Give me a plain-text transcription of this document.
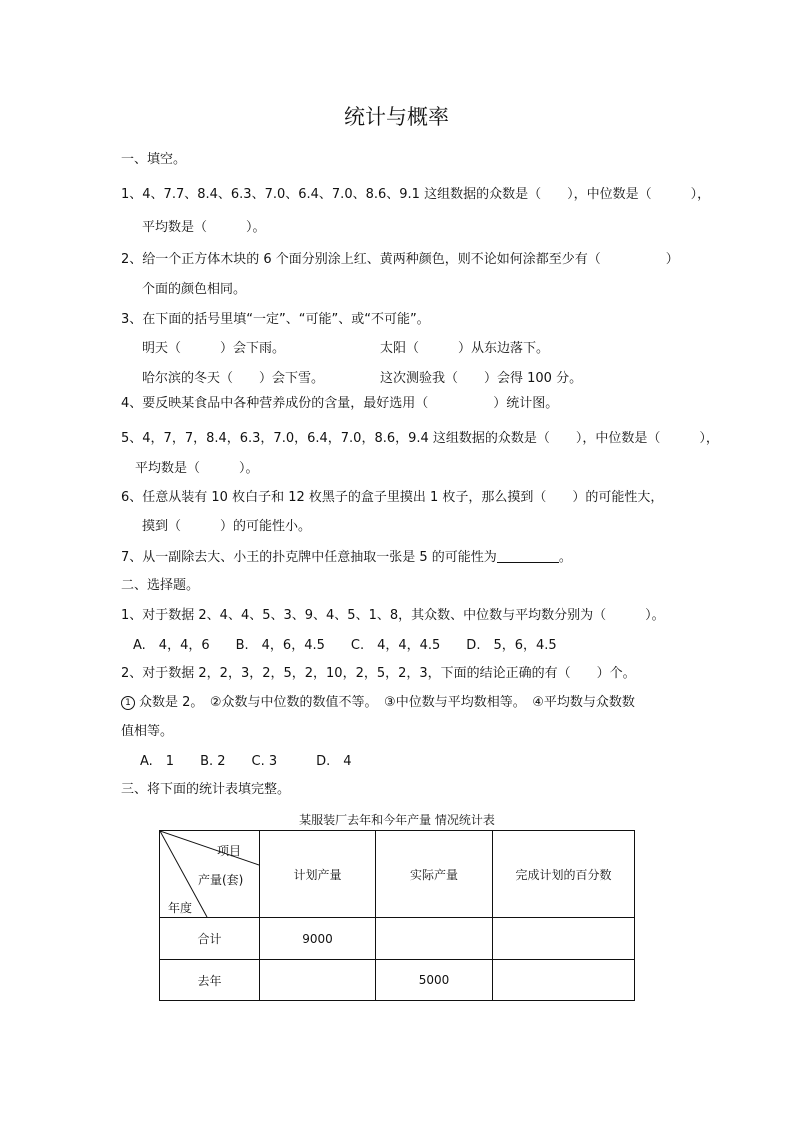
统计与概率
一、填空。
1、4、7.7、8.4、6.3、7.0、6.4、7.0、8.6、9.1 这组数据的众数是（　　），中位数是（　　　），
平均数是（　　　）。
2、给一个正方体木块的 6 个面分别涂上红、黄两种颜色，则不论如何涂都至少有（　　　　　）
个面的颜色相同。
3、在下面的括号里填“一定”、“可能”、或“不可能”。
明天（　　　）会下雨。	太阳（　　　）从东边落下。
哈尔滨的冬天（　　）会下雪。	这次测验我（　　）会得 100 分。
4、要反映某食品中各种营养成份的含量，最好选用（　　　　　）统计图。
5、4，7，7，8.4，6.3，7.0，6.4，7.0，8.6，9.4 这组数据的众数是（　　），中位数是（　　　），
平均数是（　　　）。
6、任意从装有 10 枚白子和 12 枚黑子的盒子里摸出 1 枚子，那么摸到（　　）的可能性大，
摸到（　　　）的可能性小。
7、从一副除去大、小王的扑克牌中任意抽取一张是 5 的可能性为	。
二、选择题。
1、对于数据 2、4、4、5、3、9、4、5、1、8，其众数、中位数与平均数分别为（　　　）。
A.　4，4，6　　B.　4，6，4.5　　C.　4，4，4.5　　D.　5，6，4.5
2、对于数据 2，2，3，2，5，2，10，2，5，2，3，下面的结论正确的有（　　）个。
1 众数是 2。　②众数与中位数的数值不等。　③中位数与平均数相等。　④平均数与众数数
值相等。
A.　1　　B. 2　　C. 3　　　D.　4
三、将下面的统计表填完整。
某服装厂去年和今年产量 情况统计表
项目
产量(套)
年度	计划产量	实际产量	完成计划的百分数
合计	9000		
去年		5000	
